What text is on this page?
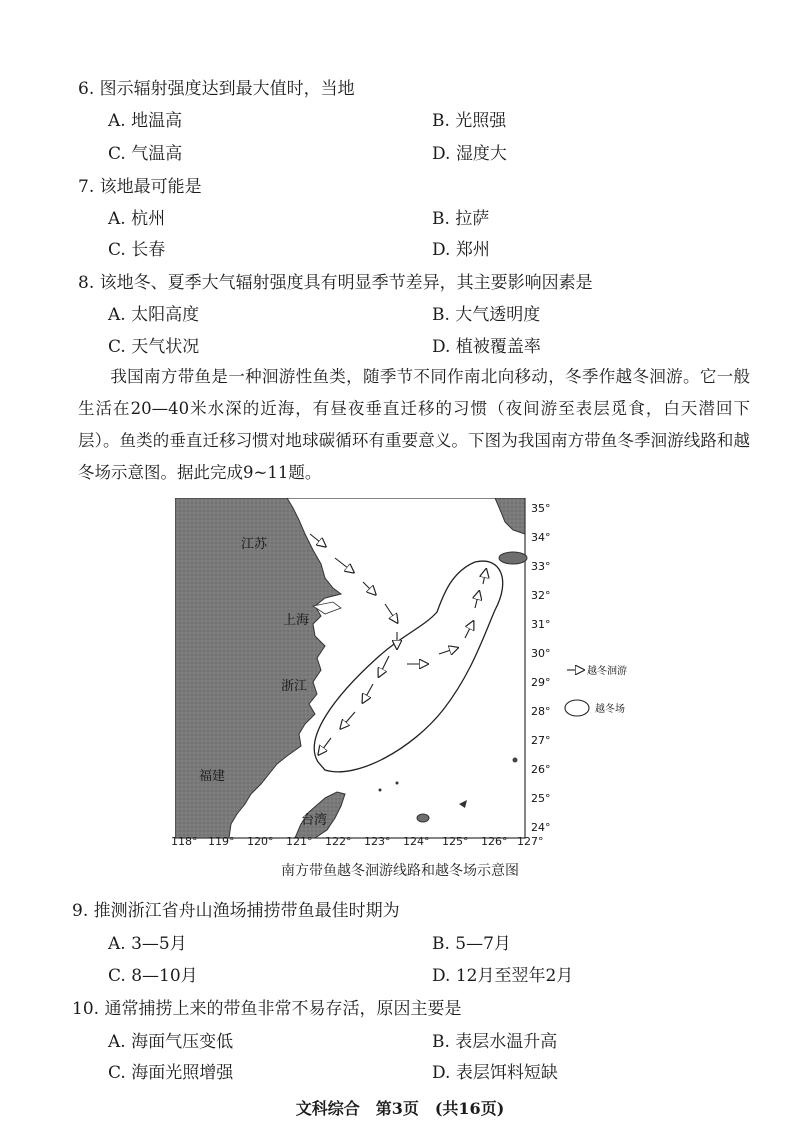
6. 图示辐射强度达到最大值时，当地
A. 地温高	B. 光照强
C. 气温高	D. 湿度大
7. 该地最可能是
A. 杭州	B. 拉萨
C. 长春	D. 郑州
8. 该地冬、夏季大气辐射强度具有明显季节差异，其主要影响因素是
A. 太阳高度	B. 大气透明度
C. 天气状况	D. 植被覆盖率
我国南方带鱼是一种洄游性鱼类，随季节不同作南北向移动，冬季作越冬洄游。它一般生活在20—40米水深的近海，有昼夜垂直迁移的习惯（夜间游至表层觅食，白天潜回下层）。鱼类的垂直迁移习惯对地球碳循环有重要意义。下图为我国南方带鱼冬季洄游线路和越冬场示意图。据此完成9~11题。
江苏
上海
浙江
福建
台湾
35°
34°
33°
32°
31°
30°
29°
28°
27°
26°
25°
24°
越冬洄游
越冬场
118° 119° 120° 121° 122° 123° 124° 125° 126° 127°
南方带鱼越冬洄游线路和越冬场示意图
9. 推测浙江省舟山渔场捕捞带鱼最佳时期为
A. 3—5月	B. 5—7月
C. 8—10月	D. 12月至翌年2月
10. 通常捕捞上来的带鱼非常不易存活，原因主要是
A. 海面气压变低	B. 表层水温升高
C. 海面光照增强	D. 表层饵料短缺
文科综合　第3页　(共16页)
